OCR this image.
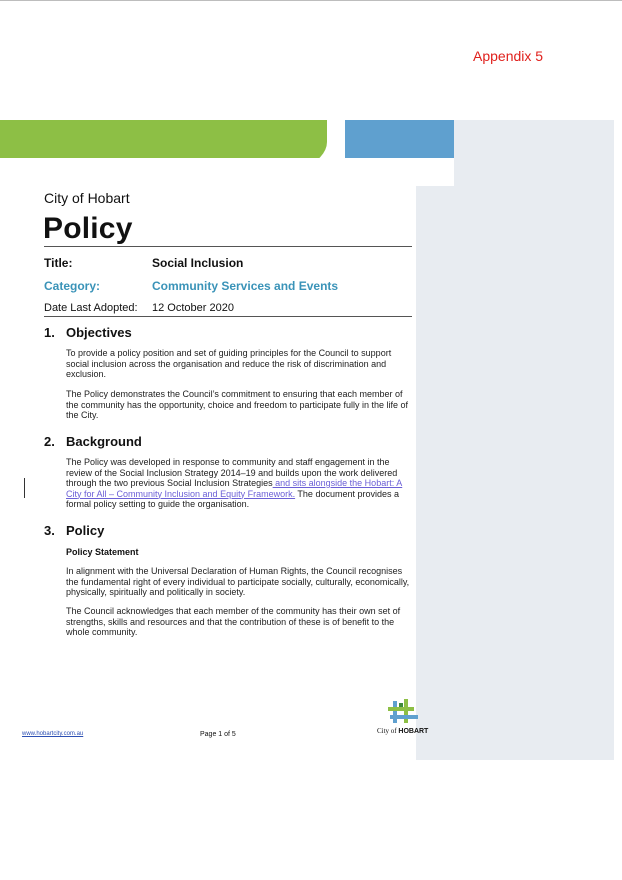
Appendix 5
City of Hobart
Policy
Title:	Social Inclusion
Category:	Community Services and Events
Date Last Adopted: 12 October 2020
1. Objectives
To provide a policy position and set of guiding principles for the Council to support social inclusion across the organisation and reduce the risk of discrimination and exclusion.
The Policy demonstrates the Council’s commitment to ensuring that each member of the community has the opportunity, choice and freedom to participate fully in the life of the City.
2. Background
The Policy was developed in response to community and staff engagement in the review of the Social Inclusion Strategy 2014–19 and builds upon the work delivered through the two previous Social Inclusion Strategies and sits alongside the Hobart: A City for All – Community Inclusion and Equity Framework. The document provides a formal policy setting to guide the organisation.
3. Policy
Policy Statement
In alignment with the Universal Declaration of Human Rights, the Council recognises the fundamental right of every individual to participate socially, culturally, economically, physically, spiritually and politically in society.
The Council acknowledges that each member of the community has their own set of strengths, skills and resources and that the contribution of these is of benefit to the whole community.
www.hobartcity.com.au	Page 1 of 5	City of HOBART
